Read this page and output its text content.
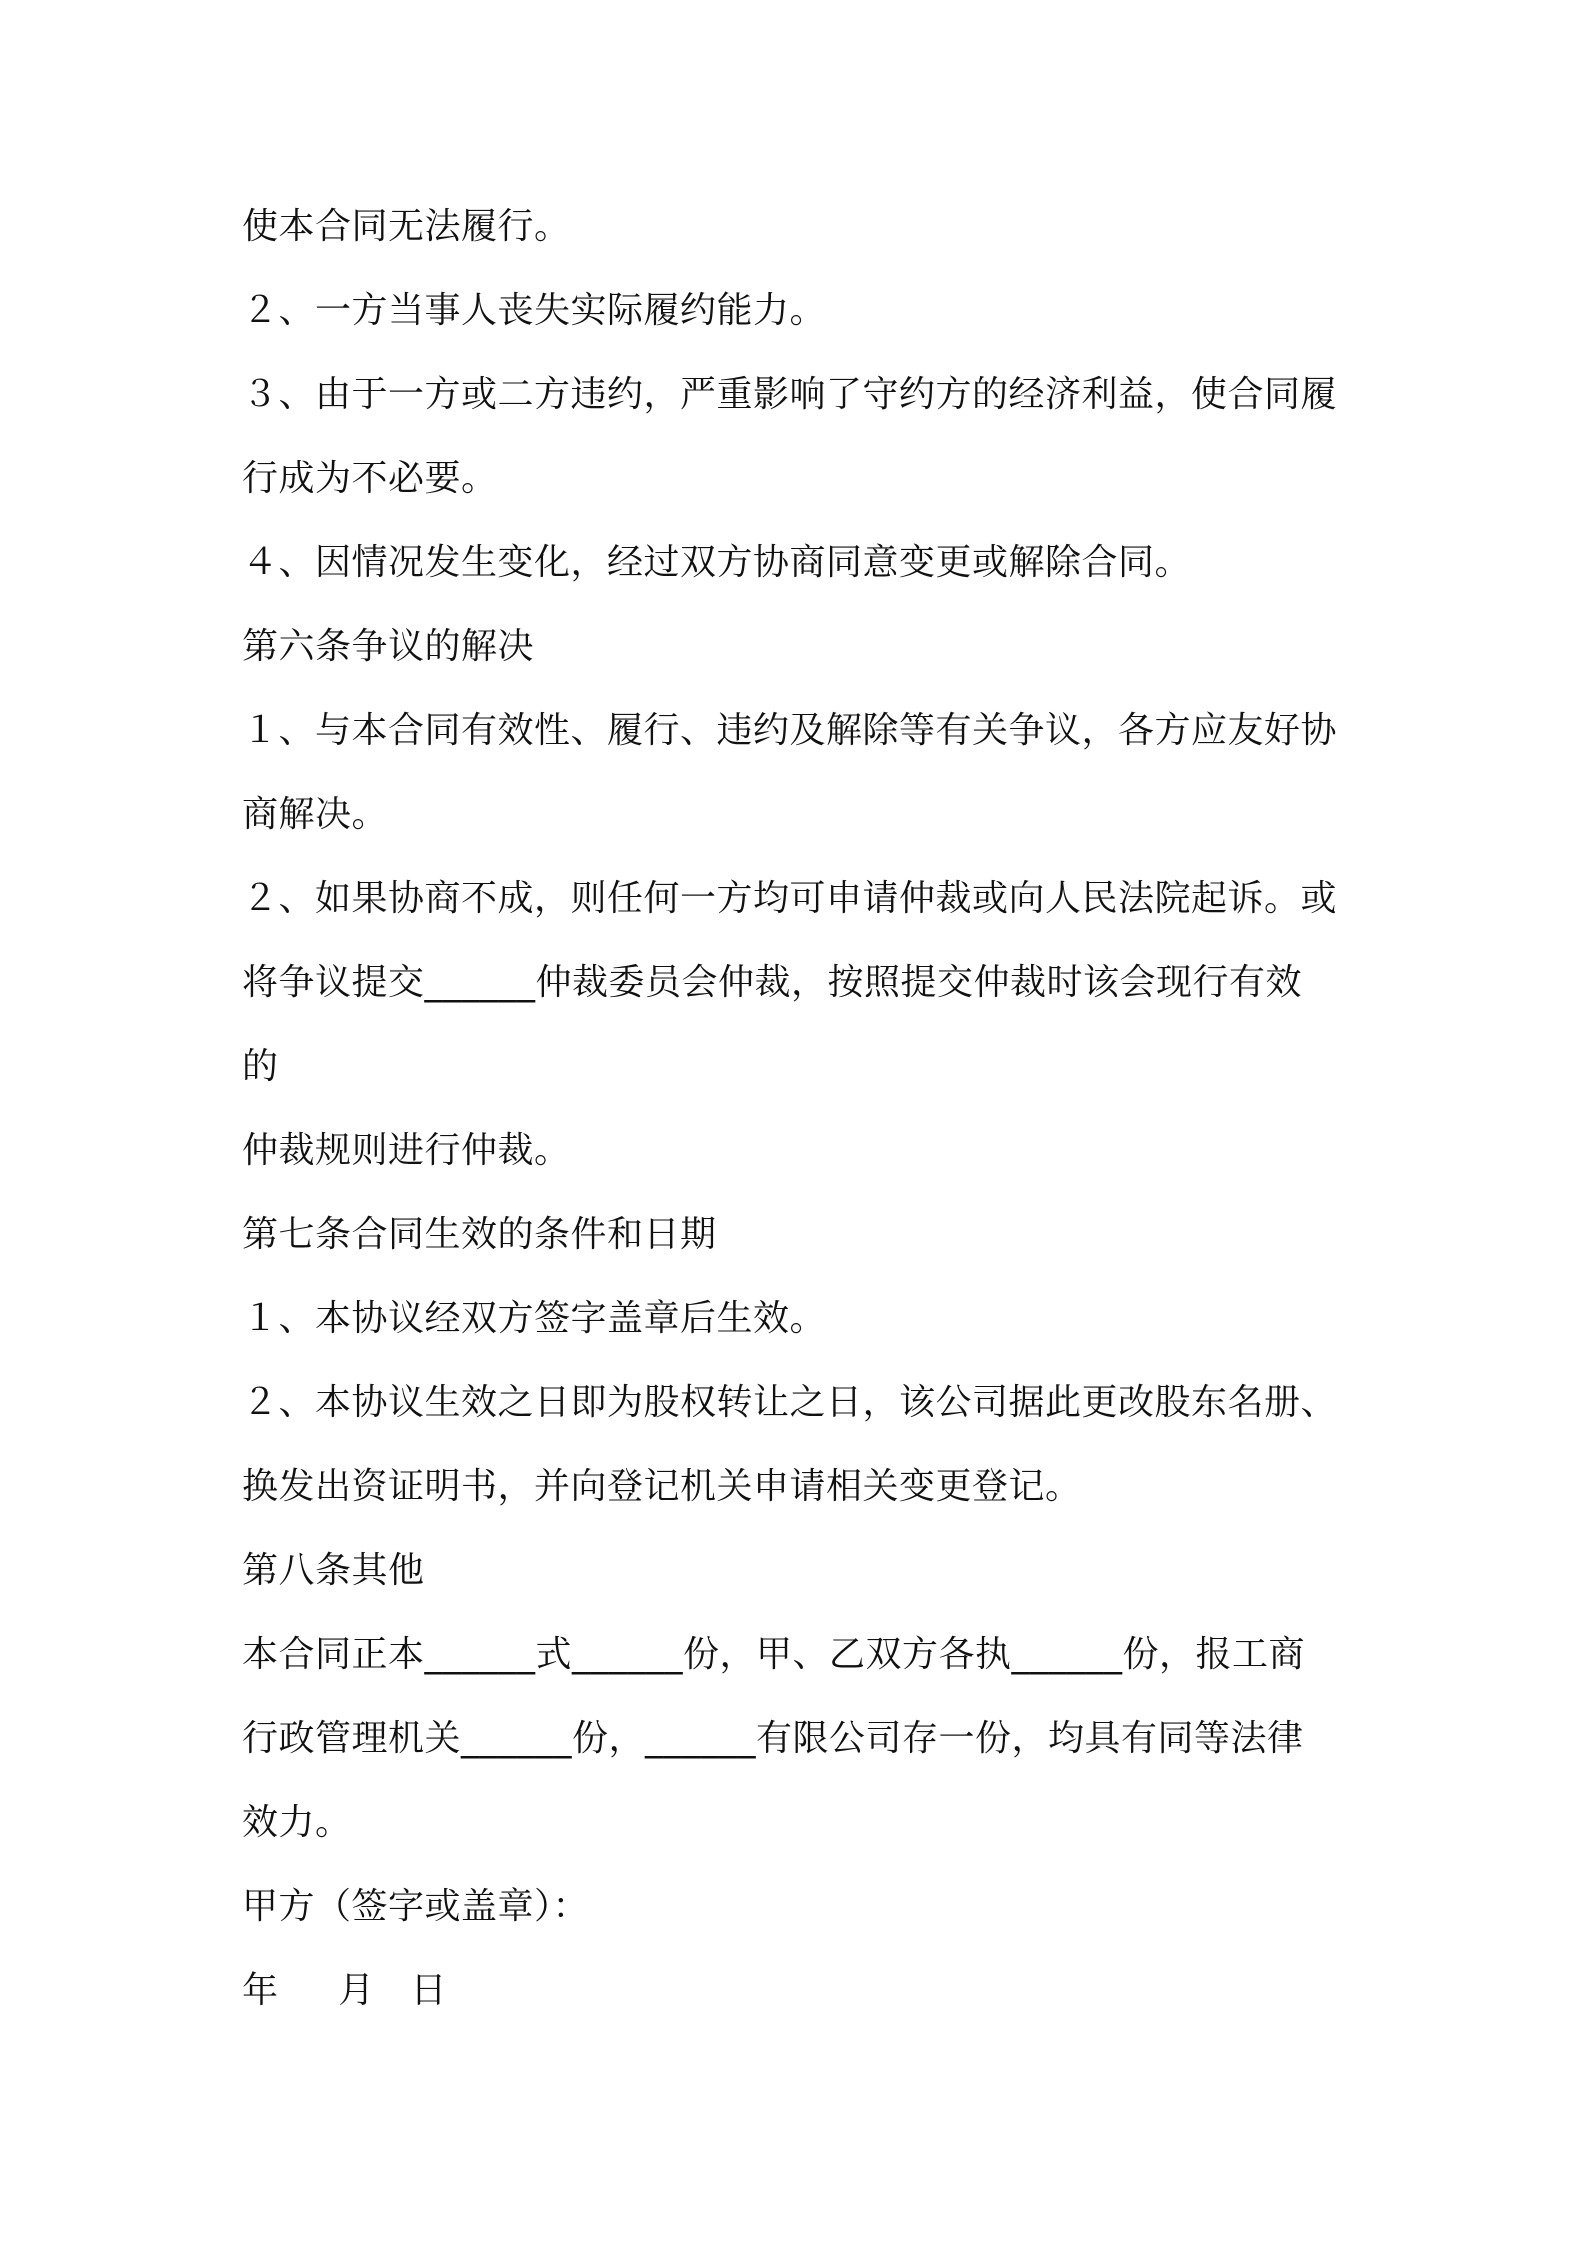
使本合同无法履行。
２、一方当事人丧失实际履约能力。
３、由于一方或二方违约，严重影响了守约方的经济利益，使合同履
行成为不必要。
４、因情况发生变化，经过双方协商同意变更或解除合同。
第六条争议的解决
１、与本合同有效性、履行、违约及解除等有关争议，各方应友好协
商解决。
２、如果协商不成，则任何一方均可申请仲裁或向人民法院起诉。或
将争议提交______仲裁委员会仲裁，按照提交仲裁时该会现行有效
的
仲裁规则进行仲裁。
第七条合同生效的条件和日期
１、本协议经双方签字盖章后生效。
２、本协议生效之日即为股权转让之日，该公司据此更改股东名册、
换发出资证明书，并向登记机关申请相关变更登记。
第八条其他
本合同正本______式______份，甲、乙双方各执______份，报工商
行政管理机关______份，______有限公司存一份，均具有同等法律
效力。
甲方（签字或盖章）：
年     月   日
